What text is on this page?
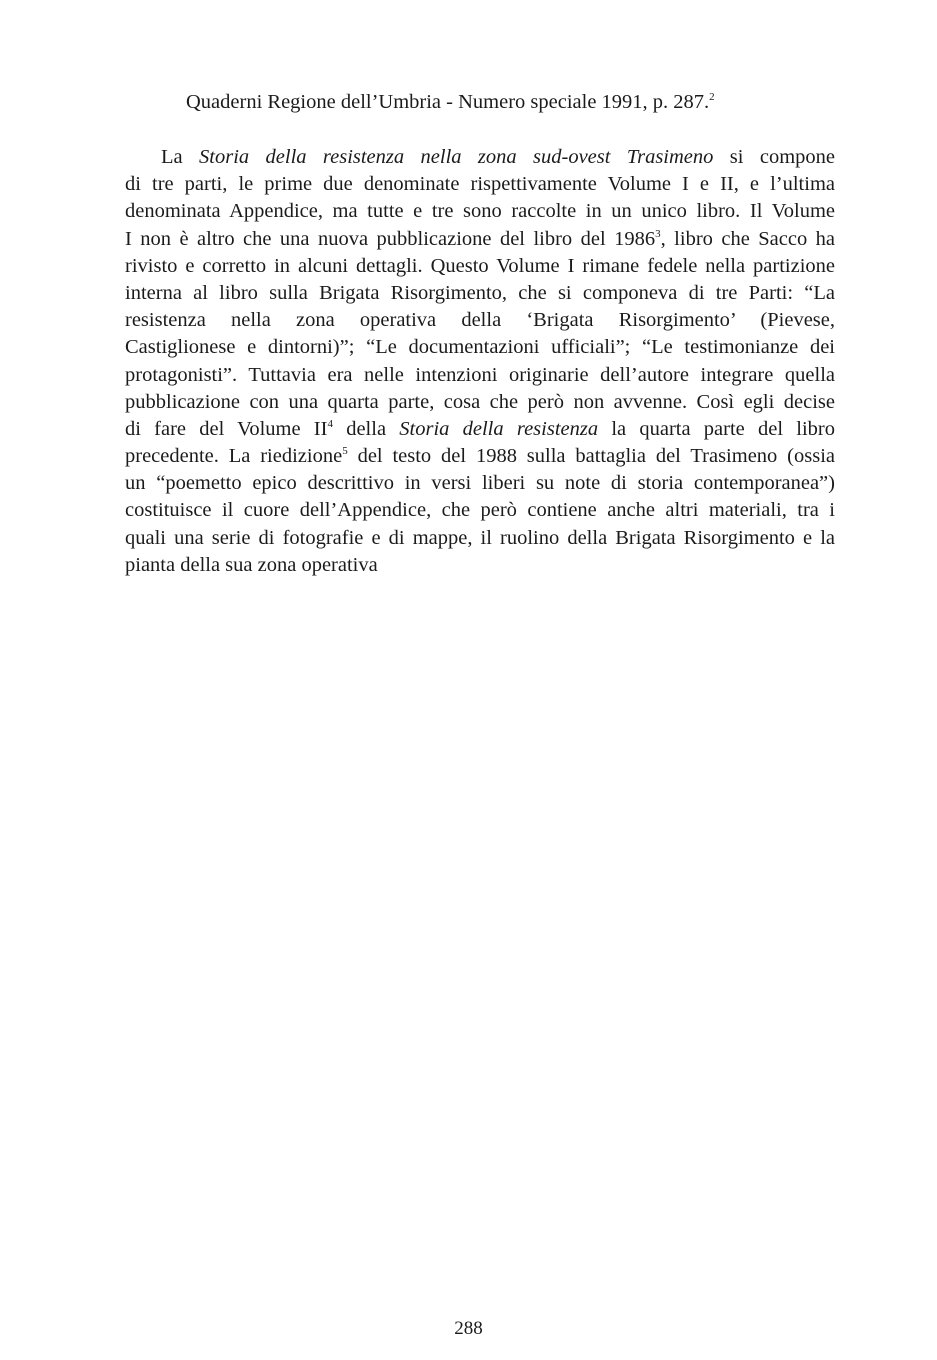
Quaderni Regione dell’Umbria - Numero speciale 1991, p. 287.$^2$
La Storia della resistenza nella zona sud-ovest Trasimeno si compone
di tre parti, le prime due denominate rispettivamente Volume I e II, e l’ultima
denominata Appendice, ma tutte e tre sono raccolte in un unico libro. Il Volume
I non è altro che una nuova pubblicazione del libro del 1986$^3$, libro che Sacco ha
rivisto e corretto in alcuni dettagli. Questo Volume I rimane fedele nella partizione
interna al libro sulla Brigata Risorgimento, che si componeva di tre Parti: “La
resistenza nella zona operativa della ‘Brigata Risorgimento’ (Pievese,
Castiglionese e dintorni)”; “Le documentazioni ufficiali”; “Le testimonianze dei
protagonisti”. Tuttavia era nelle intenzioni originarie dell’autore integrare quella
pubblicazione con una quarta parte, cosa che però non avvenne. Così egli decise
di fare del Volume $II^4$ della Storia della resistenza la quarta parte del libro
precedente. La riedizione$^5$ del testo del 1988 sulla battaglia del Trasimeno (ossia
un “poemetto epico descrittivo in versi liberi su note di storia contemporanea”)
costituisce il cuore dell’Appendice, che però contiene anche altri materiali, tra i
quali una serie di fotografie e di mappe, il ruolino della Brigata Risorgimento e la
pianta della sua zona operativa
288
